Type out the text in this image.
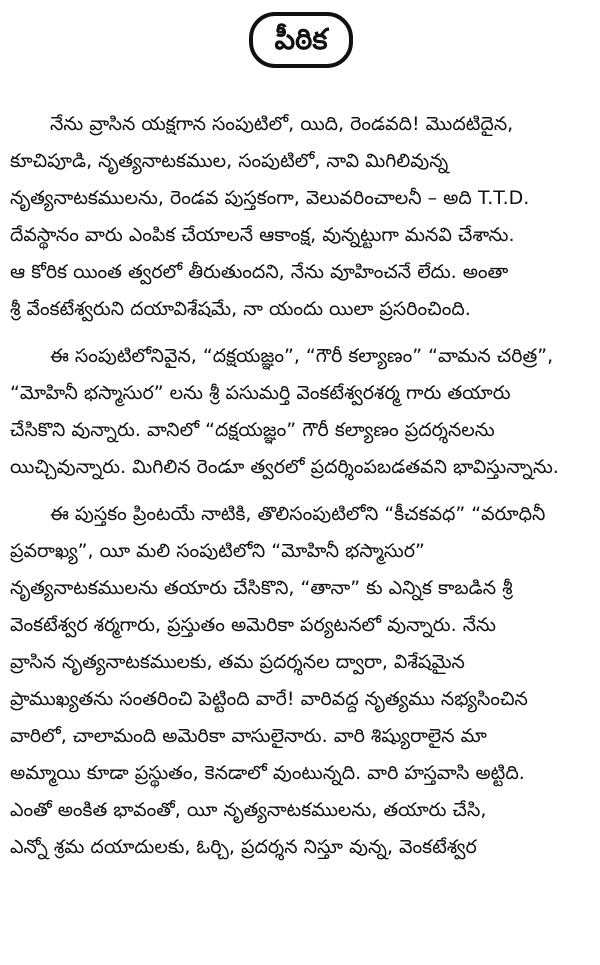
పీఠిక
నేను వ్రాసిన యక్షగాన సంపుటిలో, యిది, రెండవది! మొదటిదైన,
కూచిపూడి, నృత్యనాటకముల, సంపుటిలో, నావి మిగిలివున్న
నృత్యనాటకములను, రెండవ పుస్తకంగా, వెలువరించాలనీ – అది T.T.D.
దేవస్థానం వారు ఎంపిక చేయాలనే ఆకాంక్ష, వున్నట్టుగా మనవి చేశాను.
ఆ కోరిక యింత త్వరలో తీరుతుందని, నేను వూహించనే లేదు. అంతా
శ్రీ వేంకటేశ్వరుని దయావిశేషమే, నా యందు యిలా ప్రసరించింది.
ఈ సంపుటిలోనివైన, “దక్షయజ్ఞం”, “గౌరీ కల్యాణం” “వామన చరిత్ర”,
“మోహినీ భస్మాసుర” లను శ్రీ పసుమర్తి వెంకటేశ్వరశర్మ గారు తయారు
చేసికొని వున్నారు. వానిలో “దక్షయజ్ఞం” గౌరీ కల్యాణం ప్రదర్శనలను
యిచ్చివున్నారు. మిగిలిన రెండూ త్వరలో ప్రదర్శింపబడతవని భావిస్తున్నాను.
ఈ పుస్తకం ప్రింటయే నాటికి, తొలిసంపుటిలోని “కీచకవధ” “వరూధినీ
ప్రవరాఖ్య”, యీ మలి సంపుటిలోని “మోహినీ భస్మాసుర”
నృత్యనాటకములను తయారు చేసికొని, “తానా” కు ఎన్నిక కాబడిన శ్రీ
వెంకటేశ్వర శర్మగారు, ప్రస్తుతం అమెరికా పర్యటనలో వున్నారు. నేను
వ్రాసిన నృత్యనాటకములకు, తమ ప్రదర్శనల ద్వారా, విశేషమైన
ప్రాముఖ్యతను సంతరించి పెట్టింది వారే! వారివద్ద నృత్యము నభ్యసించిన
వారిలో, చాలామంది అమెరికా వాసులైనారు. వారి శిష్యురాలైన మా
అమ్మాయి కూడా ప్రస్థుతం, కెనడాలో వుంటున్నది. వారి హస్తవాసి అట్టిది.
ఎంతో అంకిత భావంతో, యీ నృత్యనాటకములను, తయారు చేసి,
ఎన్నో శ్రమ దయాదులకు, ఓర్చి, ప్రదర్శన నిస్తూ వున్న, వెంకటేశ్వర
